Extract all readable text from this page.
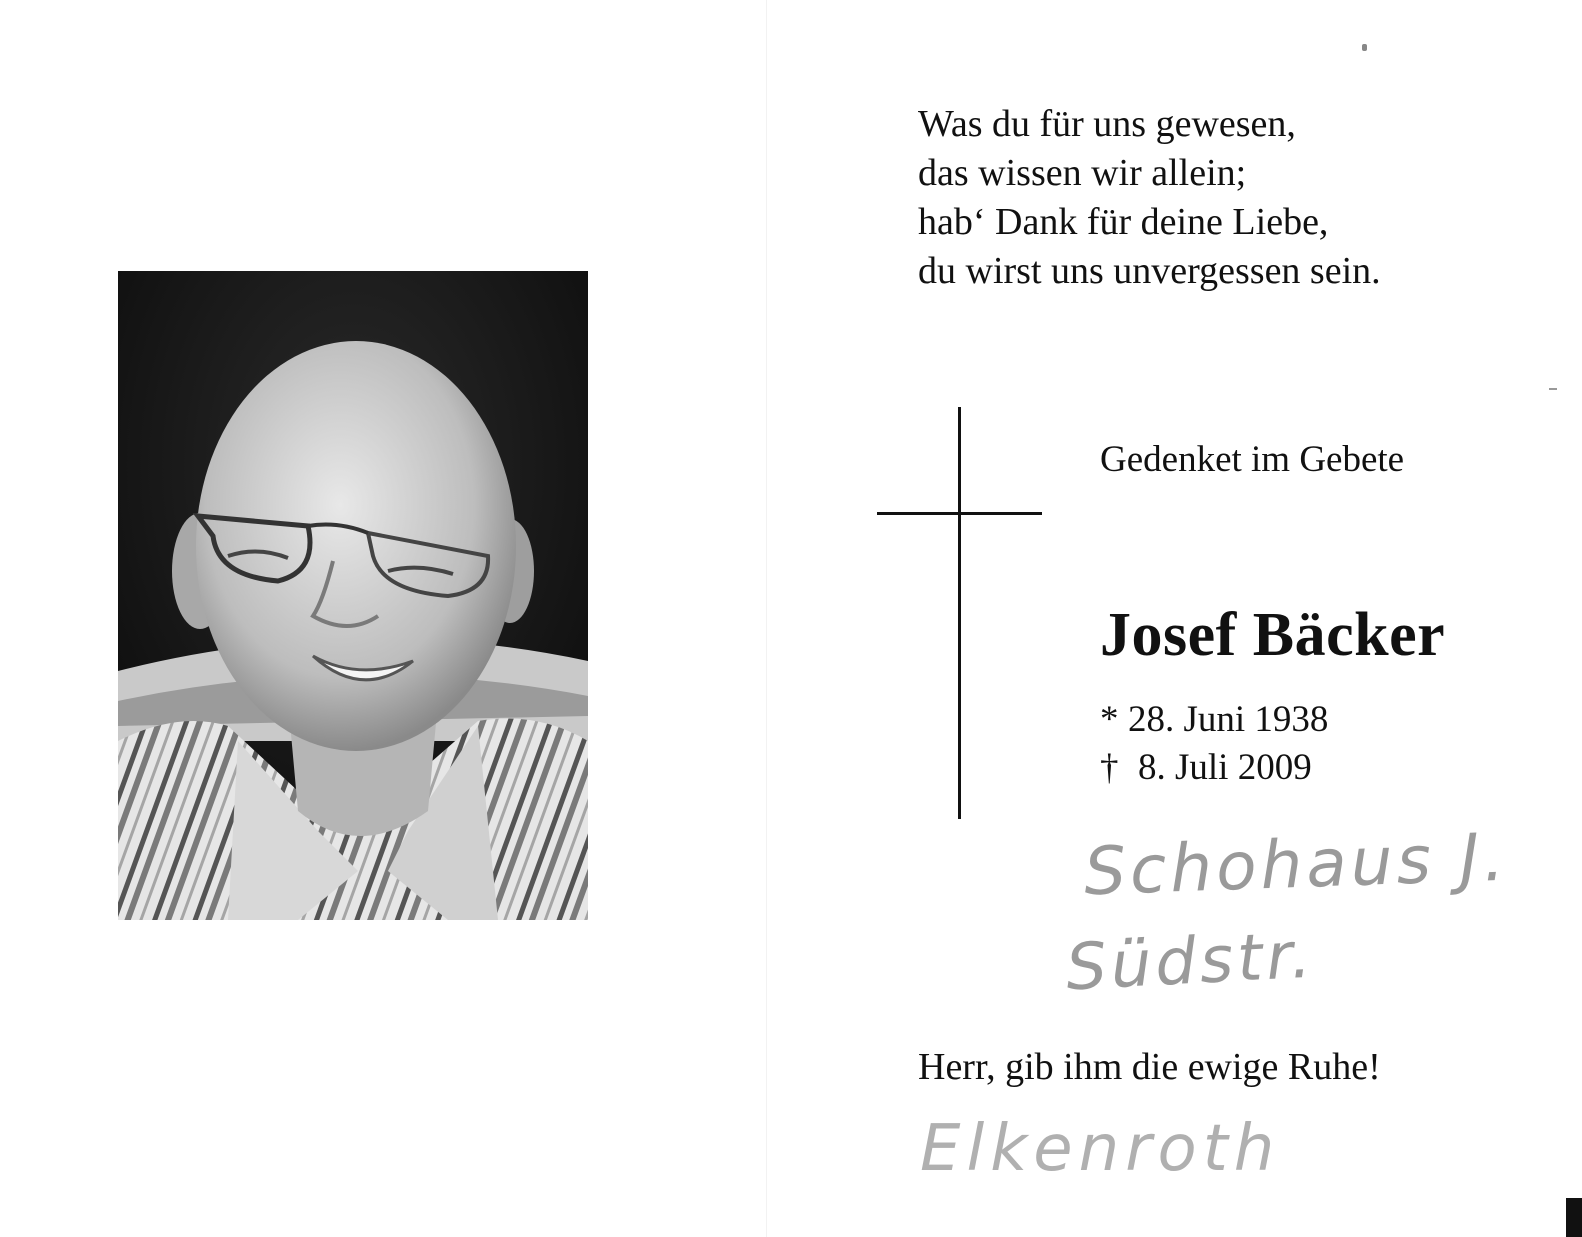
Was du für uns gewesen,
das wissen wir allein;
hab‘ Dank für deine Liebe,
du wirst uns unvergessen sein.
Gedenket im Gebete
Josef Bäcker
* 28. Juni 1938
† 8. Juli 2009
Schohaus J.
Südstr.
Herr, gib ihm die ewige Ruhe!
Elkenroth
